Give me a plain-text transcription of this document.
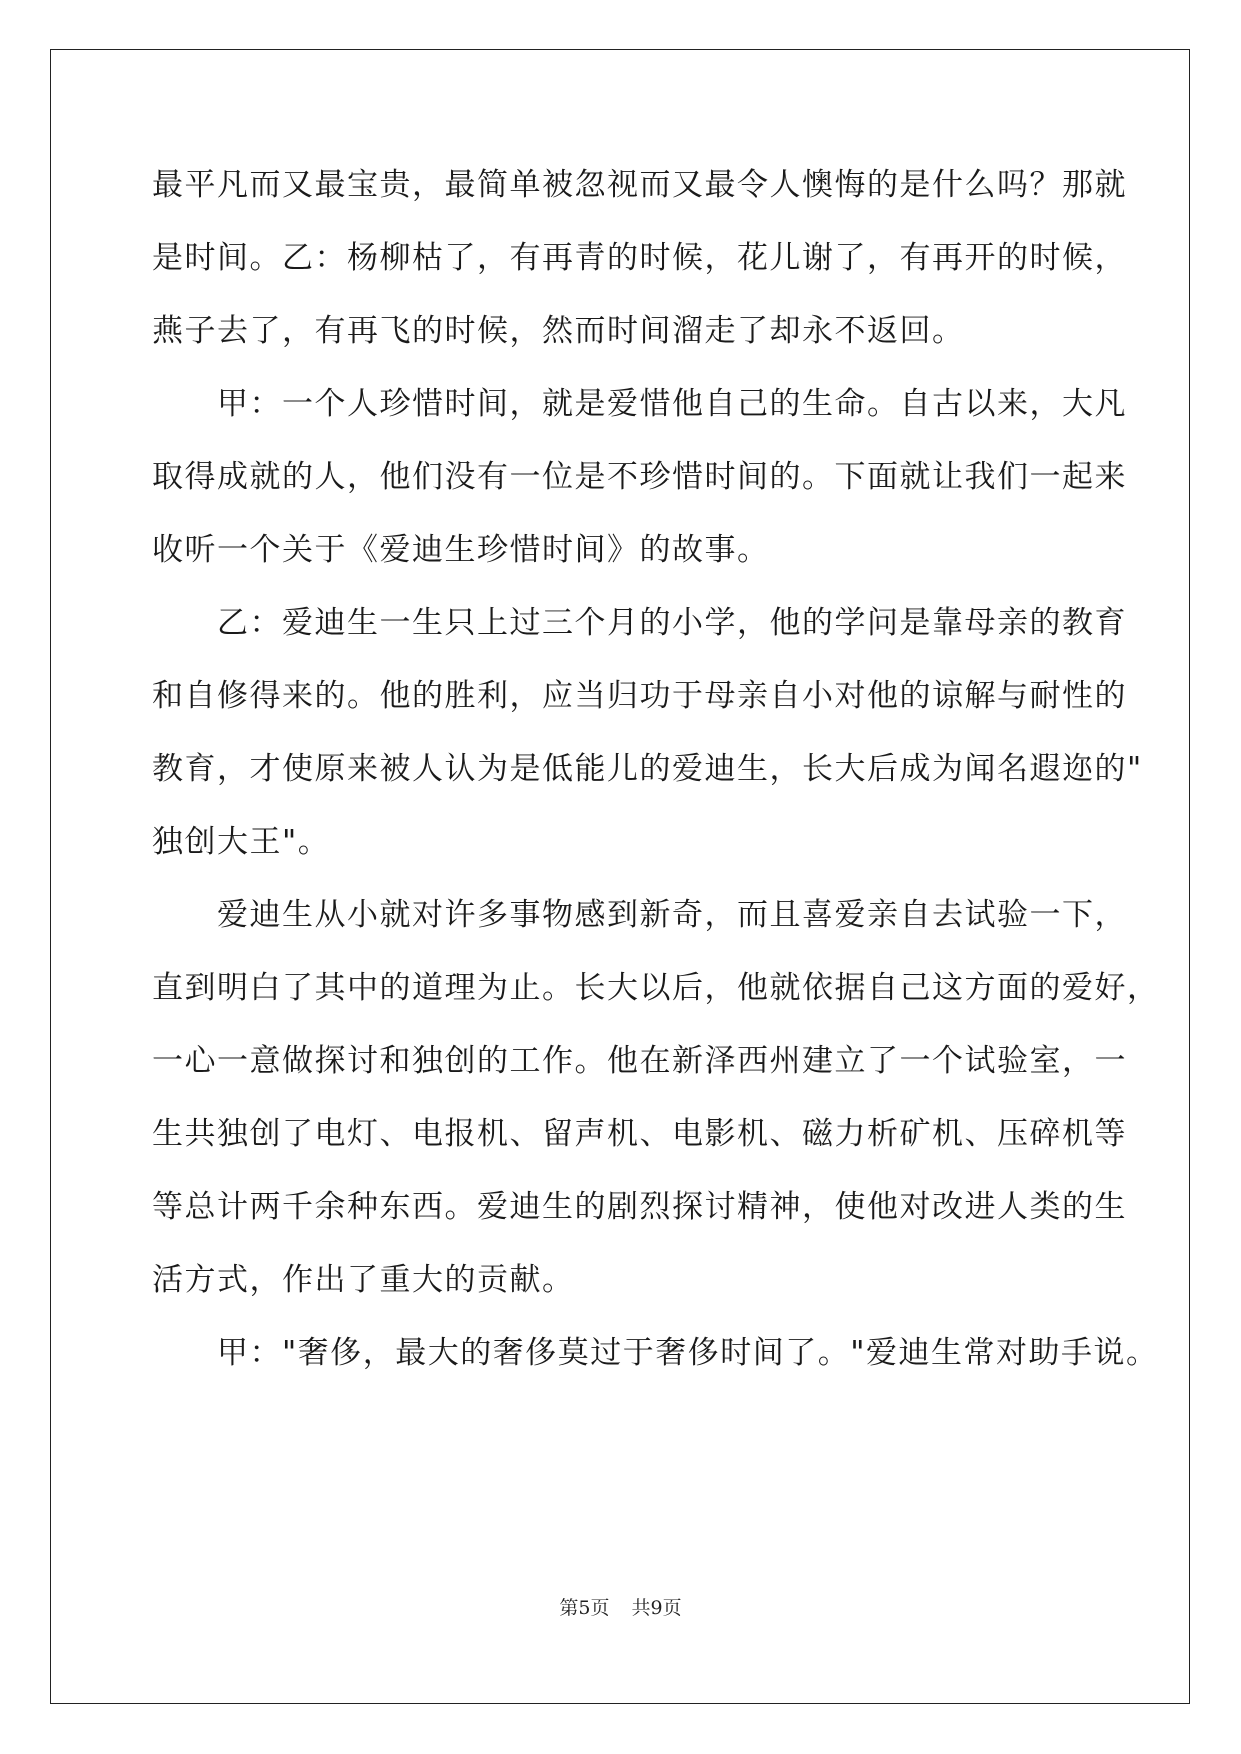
最平凡而又最宝贵，最简单被忽视而又最令人懊悔的是什么吗？那就
是时间。乙：杨柳枯了，有再青的时候，花儿谢了，有再开的时候，
燕子去了，有再飞的时候，然而时间溜走了却永不返回。
　　甲：一个人珍惜时间，就是爱惜他自己的生命。自古以来，大凡
取得成就的人，他们没有一位是不珍惜时间的。下面就让我们一起来
收听一个关于《爱迪生珍惜时间》的故事。
　　乙：爱迪生一生只上过三个月的小学，他的学问是靠母亲的教育
和自修得来的。他的胜利，应当归功于母亲自小对他的谅解与耐性的
教育，才使原来被人认为是低能儿的爱迪生，长大后成为闻名遐迩的"
独创大王"。
　　爱迪生从小就对许多事物感到新奇，而且喜爱亲自去试验一下，
直到明白了其中的道理为止。长大以后，他就依据自己这方面的爱好，
一心一意做探讨和独创的工作。他在新泽西州建立了一个试验室，一
生共独创了电灯、电报机、留声机、电影机、磁力析矿机、压碎机等
等总计两千余种东西。爱迪生的剧烈探讨精神，使他对改进人类的生
活方式，作出了重大的贡献。
　　甲："奢侈，最大的奢侈莫过于奢侈时间了。"爱迪生常对助手说。
第5页 共9页
